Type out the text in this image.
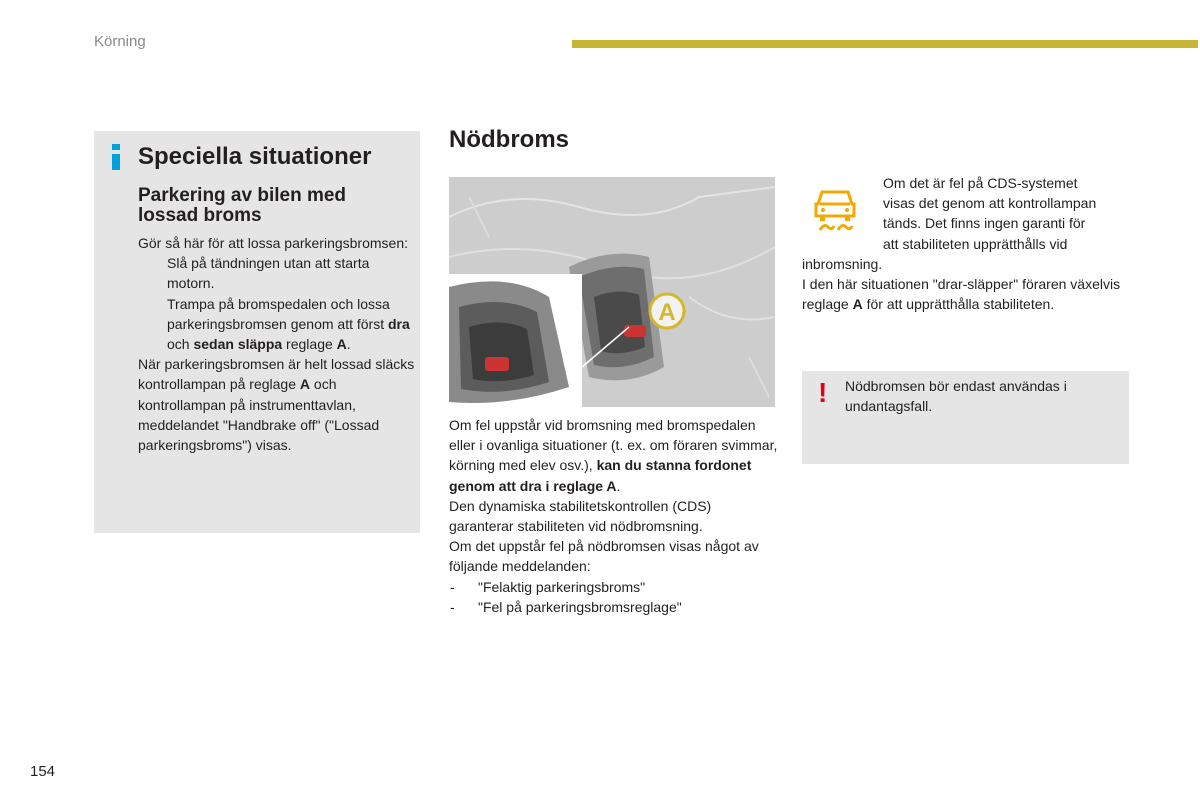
Körning
Speciella situationer
Parkering av bilen med lossad broms

Gör så här för att lossa parkeringsbromsen:

Slå på tändningen utan att starta motorn.

Trampa på bromspedalen och lossa parkeringsbromsen genom att först dra och sedan släppa reglage A.

När parkeringsbromsen är helt lossad släcks kontrollampan på reglage A och kontrollampan på instrumenttavlan, meddelandet "Handbrake off" ("Lossad parkeringsbroms") visas.

Nödbroms
A

Om fel uppstår vid bromsning med bromspedalen eller i ovanliga situationer (t. ex. om föraren svimmar, körning med elev osv.), kan du stanna fordonet genom att dra i reglage A.

Den dynamiska stabilitetskontrollen (CDS) garanterar stabiliteten vid nödbromsning.

Om det uppstår fel på nödbromsen visas något av följande meddelanden:

- "Felaktig parkeringsbroms"

- "Fel på parkeringsbromsreglage"

Om det är fel på CDS-systemet

visas det genom att kontrollampan

tänds. Det finns ingen garanti för

att stabiliteten upprätthålls vid

inbromsning.

I den här situationen "drar-släpper" föraren växelvis reglage A för att upprätthålla stabiliteten.

! Nödbromsen bör endast användas i undantagsfall.
154
